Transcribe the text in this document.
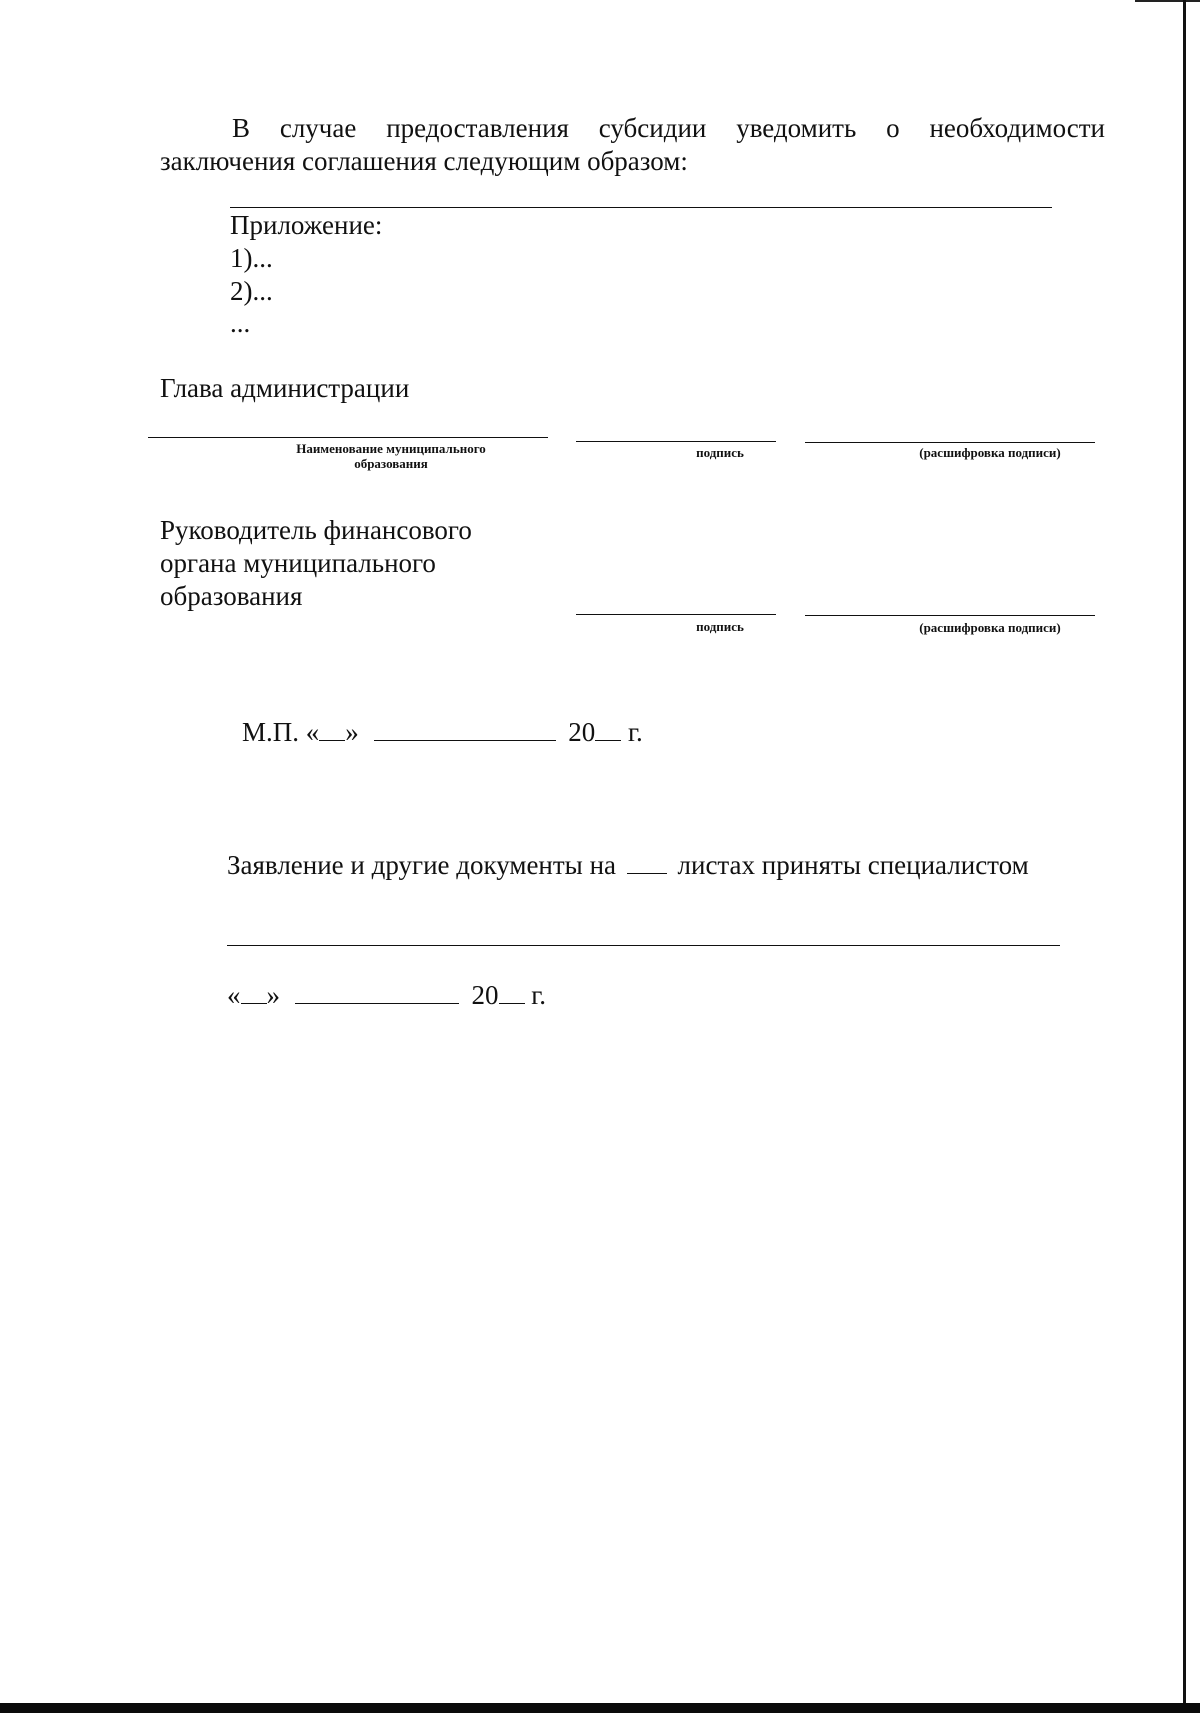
В случае предоставления субсидии уведомить о необходимости
заключения соглашения следующим образом:
Приложение:
1)...
2)...
...
Глава администрации
Наименование муниципального
образования
подпись	(расшифровка подписи)
Руководитель финансового
органа муниципального
образования
подпись	(расшифровка подписи)
М.П. « »	20 г.
Заявление и другие документы на листах приняты специалистом
« »	20 г.
